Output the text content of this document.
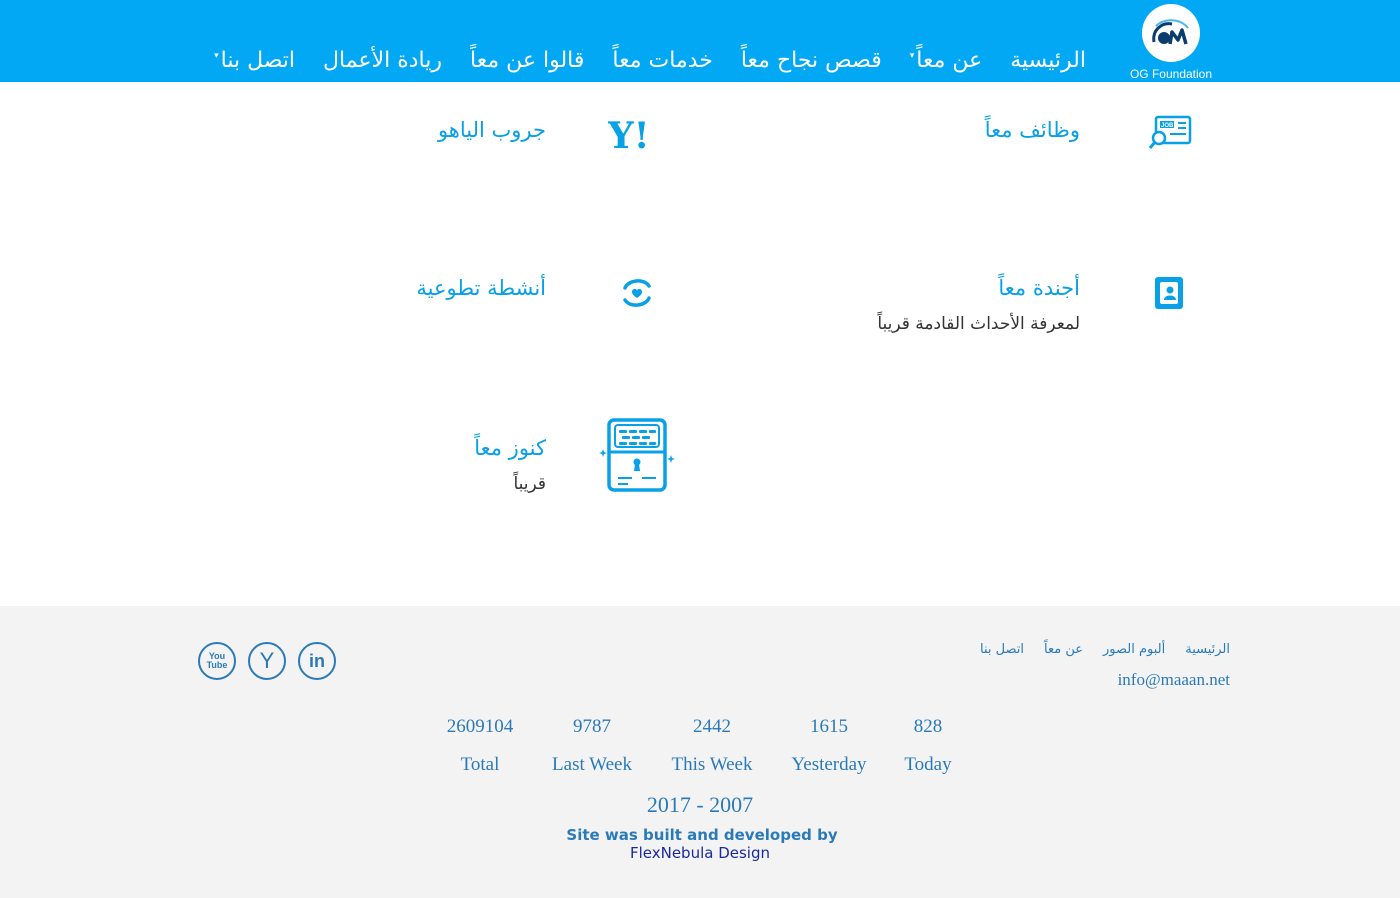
OG Foundation
الرئيسية
عن معاً
▾
قصص نجاح معاً
خدمات معاً
قالوا عن معاً
ريادة الأعمال
اتصل بنا
▾
JOB
وظائف معاً
Y!
جروب الياهو
أجندة معاً
لمعرفة الأحداث القادمة قريباً
أنشطة تطوعية
كنوز معاً
قريباً
الرئيسية
ألبوم الصور
عن معاً
اتصل بنا
info@maaan.net
You
Tube Y in
828
Today
1615
Yesterday
2442
This Week
9787
Last Week
2609104
Total
2017 - 2007
Site was built and developed by
FlexNebula Design
